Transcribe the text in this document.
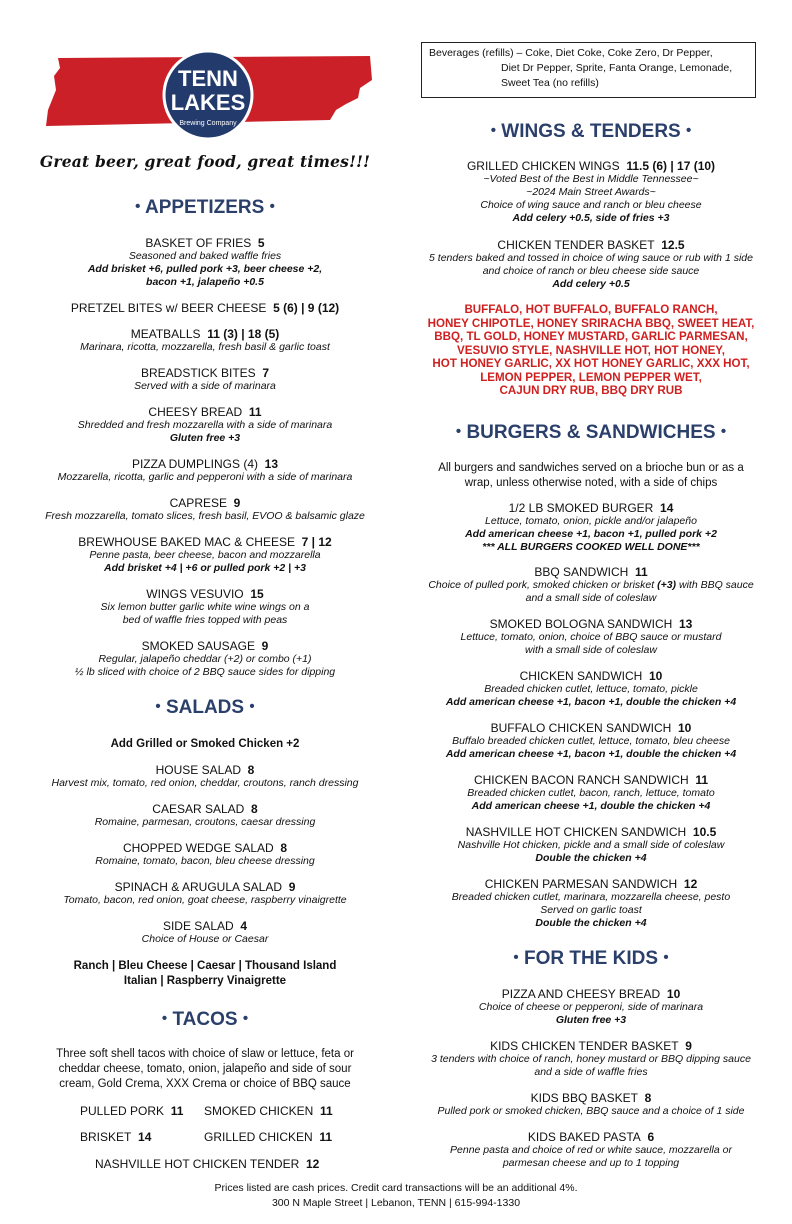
TENN
LAKES
Brewing Company
Great beer, great food, great times!!!
Beverages (refills) – Coke, Diet Coke, Coke Zero, Dr Pepper,
Diet Dr Pepper, Sprite, Fanta Orange, Lemonade,
Sweet Tea (no refills)
• APPETIZERS •
BASKET OF FRIES 5
Seasoned and baked waffle fries
Add brisket +6, pulled pork +3, beer cheese +2,
bacon +1, jalapeño +0.5
PRETZEL BITES w/ BEER CHEESE 5 (6) | 9 (12)
MEATBALLS 11 (3) | 18 (5)
Marinara, ricotta, mozzarella, fresh basil & garlic toast
BREADSTICK BITES 7
Served with a side of marinara
CHEESY BREAD 11
Shredded and fresh mozzarella with a side of marinara
Gluten free +3
PIZZA DUMPLINGS (4) 13
Mozzarella, ricotta, garlic and pepperoni with a side of marinara
CAPRESE 9
Fresh mozzarella, tomato slices, fresh basil, EVOO & balsamic glaze
BREWHOUSE BAKED MAC & CHEESE 7 | 12
Penne pasta, beer cheese, bacon and mozzarella
Add brisket +4 | +6 or pulled pork +2 | +3
WINGS VESUVIO 15
Six lemon butter garlic white wine wings on a
bed of waffle fries topped with peas
SMOKED SAUSAGE 9
Regular, jalapeño cheddar (+2) or combo (+1)
½ lb sliced with choice of 2 BBQ sauce sides for dipping
• SALADS •
Add Grilled or Smoked Chicken +2
HOUSE SALAD 8
Harvest mix, tomato, red onion, cheddar, croutons, ranch dressing
CAESAR SALAD 8
Romaine, parmesan, croutons, caesar dressing
CHOPPED WEDGE SALAD 8
Romaine, tomato, bacon, bleu cheese dressing
SPINACH & ARUGULA SALAD 9
Tomato, bacon, red onion, goat cheese, raspberry vinaigrette
SIDE SALAD 4
Choice of House or Caesar
Ranch | Bleu Cheese | Caesar | Thousand Island
Italian | Raspberry Vinaigrette
• TACOS •
Three soft shell tacos with choice of slaw or lettuce, feta or
cheddar cheese, tomato, onion, jalapeño and side of sour
cream, Gold Crema, XXX Crema or choice of BBQ sauce
PULLED PORK 11 SMOKED CHICKEN 11
BRISKET 14	GRILLED CHICKEN 11
NASHVILLE HOT CHICKEN TENDER 12
• WINGS & TENDERS •
GRILLED CHICKEN WINGS 11.5 (6) | 17 (10)
~Voted Best of the Best in Middle Tennessee~
~2024 Main Street Awards~
Choice of wing sauce and ranch or bleu cheese
Add celery +0.5, side of fries +3
CHICKEN TENDER BASKET 12.5
5 tenders baked and tossed in choice of wing sauce or rub with 1 side
and choice of ranch or bleu cheese side sauce
Add celery +0.5
BUFFALO, HOT BUFFALO, BUFFALO RANCH,
HONEY CHIPOTLE, HONEY SRIRACHA BBQ, SWEET HEAT,
BBQ, TL GOLD, HONEY MUSTARD, GARLIC PARMESAN,
VESUVIO STYLE, NASHVILLE HOT, HOT HONEY,
HOT HONEY GARLIC, XX HOT HONEY GARLIC, XXX HOT,
LEMON PEPPER, LEMON PEPPER WET,
CAJUN DRY RUB, BBQ DRY RUB
• BURGERS & SANDWICHES •
All burgers and sandwiches served on a brioche bun or as a
wrap, unless otherwise noted, with a side of chips
1/2 LB SMOKED BURGER 14
Lettuce, tomato, onion, pickle and/or jalapeño
Add american cheese +1, bacon +1, pulled pork +2
*** ALL BURGERS COOKED WELL DONE***
BBQ SANDWICH 11
Choice of pulled pork, smoked chicken or brisket (+3) with BBQ sauce
and a small side of coleslaw
SMOKED BOLOGNA SANDWICH 13
Lettuce, tomato, onion, choice of BBQ sauce or mustard
with a small side of coleslaw
CHICKEN SANDWICH 10
Breaded chicken cutlet, lettuce, tomato, pickle
Add american cheese +1, bacon +1, double the chicken +4
BUFFALO CHICKEN SANDWICH 10
Buffalo breaded chicken cutlet, lettuce, tomato, bleu cheese
Add american cheese +1, bacon +1, double the chicken +4
CHICKEN BACON RANCH SANDWICH 11
Breaded chicken cutlet, bacon, ranch, lettuce, tomato
Add american cheese +1, double the chicken +4
NASHVILLE HOT CHICKEN SANDWICH 10.5
Nashville Hot chicken, pickle and a small side of coleslaw
Double the chicken +4
CHICKEN PARMESAN SANDWICH 12
Breaded chicken cutlet, marinara, mozzarella cheese, pesto
Served on garlic toast
Double the chicken +4
• FOR THE KIDS •
PIZZA AND CHEESY BREAD 10
Choice of cheese or pepperoni, side of marinara
Gluten free +3
KIDS CHICKEN TENDER BASKET 9
3 tenders with choice of ranch, honey mustard or BBQ dipping sauce
and a side of waffle fries
KIDS BBQ BASKET 8
Pulled pork or smoked chicken, BBQ sauce and a choice of 1 side
KIDS BAKED PASTA 6
Penne pasta and choice of red or white sauce, mozzarella or
parmesan cheese and up to 1 topping
Prices listed are cash prices. Credit card transactions will be an additional 4%.
300 N Maple Street | Lebanon, TENN | 615-994-1330
